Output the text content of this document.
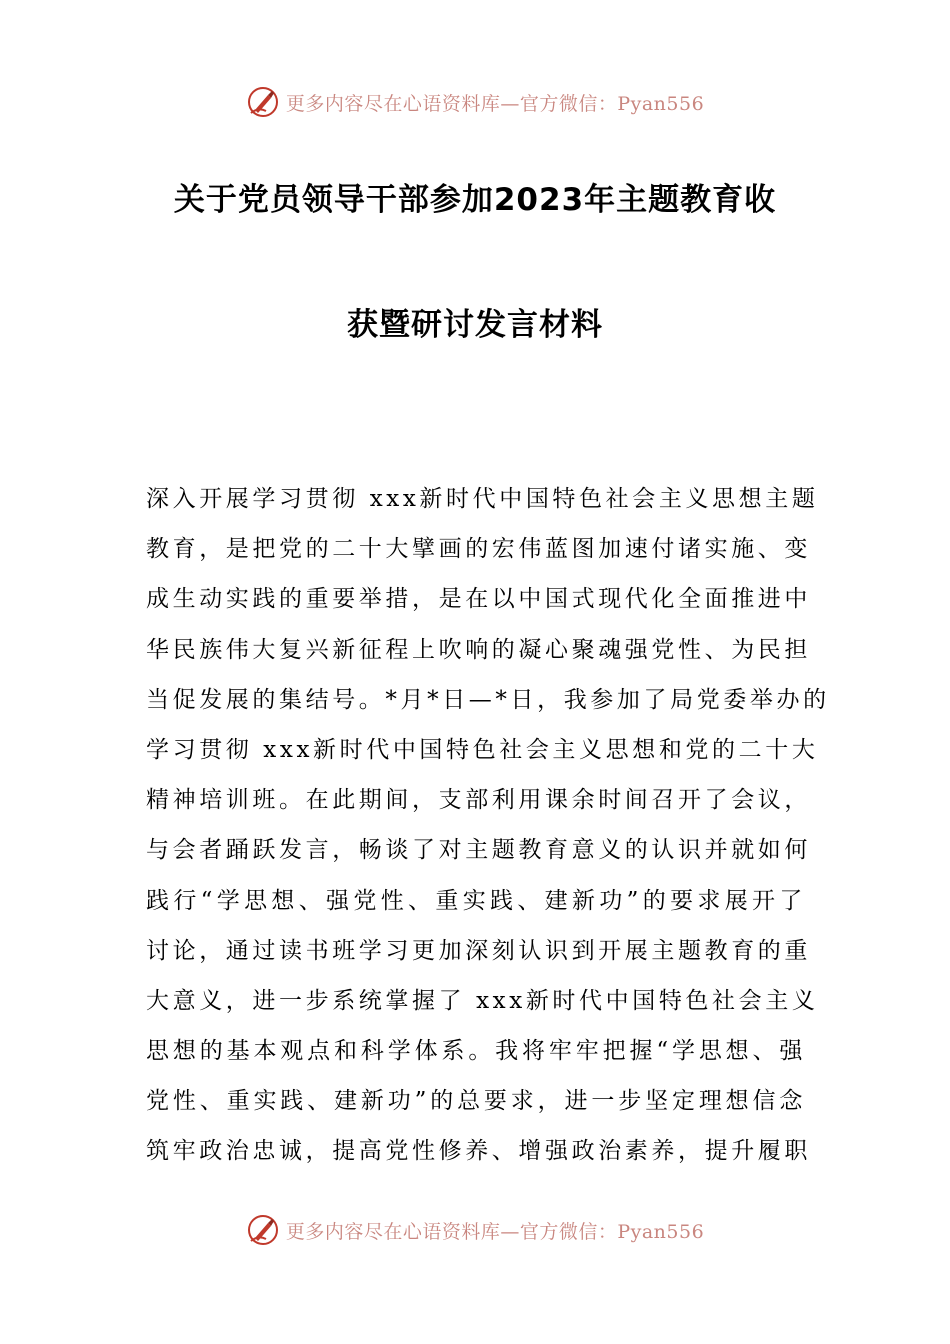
更多内容尽在心语资料库—官方微信：Pyan556
关于党员领导干部参加2023年主题教育收
获暨研讨发言材料
深入开展学习贯彻 xxx新时代中国特色社会主义思想主题
教育，是把党的二十大擘画的宏伟蓝图加速付诸实施、变
成生动实践的重要举措，是在以中国式现代化全面推进中
华民族伟大复兴新征程上吹响的凝心聚魂强党性、为民担
当促发展的集结号。*月*日—*日，我参加了局党委举办的
学习贯彻 xxx新时代中国特色社会主义思想和党的二十大
精神培训班。在此期间，支部利用课余时间召开了会议，
与会者踊跃发言，畅谈了对主题教育意义的认识并就如何
践行“学思想、强党性、重实践、建新功”的要求展开了
讨论，通过读书班学习更加深刻认识到开展主题教育的重
大意义，进一步系统掌握了 xxx新时代中国特色社会主义
思想的基本观点和科学体系。我将牢牢把握“学思想、强
党性、重实践、建新功”的总要求，进一步坚定理想信念
筑牢政治忠诚，提高党性修养、增强政治素养，提升履职
更多内容尽在心语资料库—官方微信：Pyan556
